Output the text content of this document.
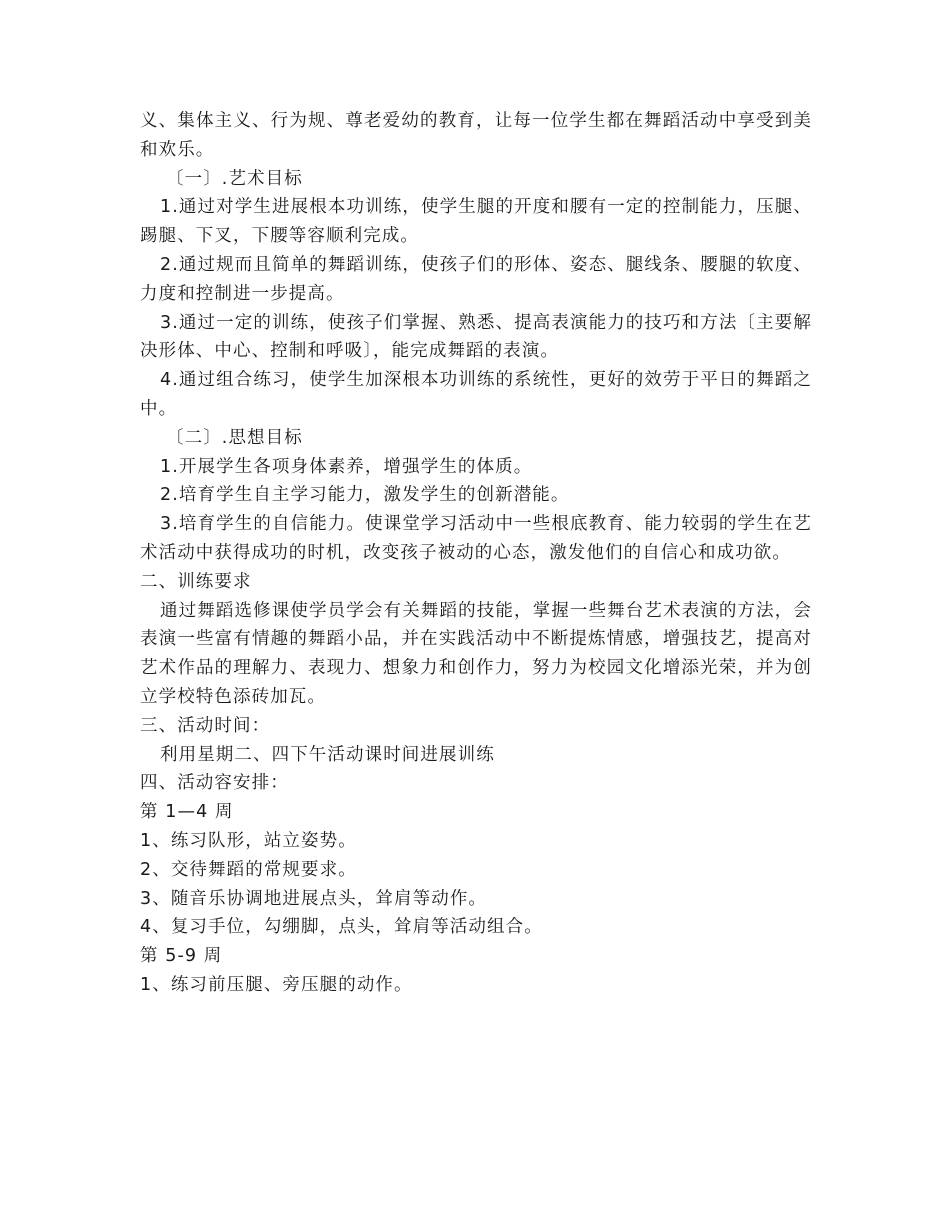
义、集体主义、行为规、尊老爱幼的教育，让每一位学生都在舞蹈活动中享受到美和欢乐。

〔一〕.艺术目标

1.通过对学生进展根本功训练，使学生腿的开度和腰有一定的控制能力，压腿、踢腿、下叉，下腰等容顺利完成。

2.通过规而且简单的舞蹈训练，使孩子们的形体、姿态、腿线条、腰腿的软度、力度和控制进一步提高。

3.通过一定的训练，使孩子们掌握、熟悉、提高表演能力的技巧和方法〔主要解决形体、中心、控制和呼吸〕，能完成舞蹈的表演。

4.通过组合练习，使学生加深根本功训练的系统性，更好的效劳于平日的舞蹈之中。

〔二〕.思想目标

1.开展学生各项身体素养，增强学生的体质。

2.培育学生自主学习能力，激发学生的创新潜能。

3.培育学生的自信能力。使课堂学习活动中一些根底教育、能力较弱的学生在艺术活动中获得成功的时机，改变孩子被动的心态，激发他们的自信心和成功欲。

二、训练要求

通过舞蹈选修课使学员学会有关舞蹈的技能，掌握一些舞台艺术表演的方法，会表演一些富有情趣的舞蹈小品，并在实践活动中不断提炼情感，增强技艺，提高对艺术作品的理解力、表现力、想象力和创作力，努力为校园文化增添光荣，并为创立学校特色添砖加瓦。

三、活动时间：

利用星期二、四下午活动课时间进展训练

四、活动容安排：

第 1—4 周

1、练习队形，站立姿势。

2、交待舞蹈的常规要求。

3、随音乐协调地进展点头，耸肩等动作。

4、复习手位，勾绷脚，点头，耸肩等活动组合。

第 5-9 周

1、练习前压腿、旁压腿的动作。
